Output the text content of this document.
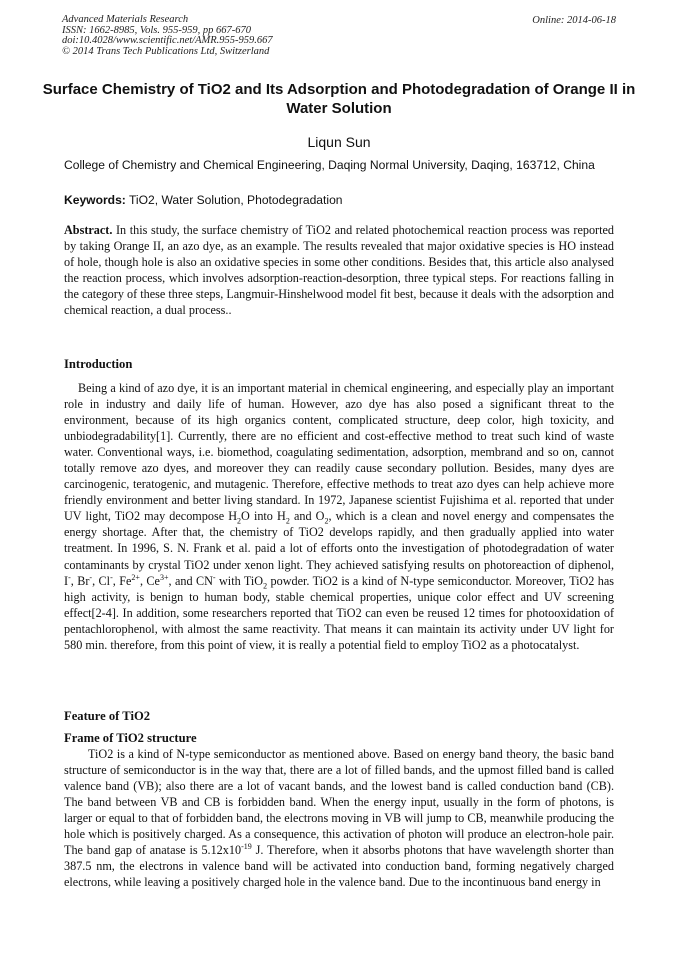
Advanced Materials Research
ISSN: 1662-8985, Vols. 955-959, pp 667-670
doi:10.4028/www.scientific.net/AMR.955-959.667
© 2014 Trans Tech Publications Ltd, Switzerland
Online: 2014-06-18
Surface Chemistry of TiO2 and Its Adsorption and Photodegradation of Orange II in Water Solution
Liqun Sun
College of Chemistry and Chemical Engineering, Daqing Normal University, Daqing, 163712, China
Keywords: TiO2, Water Solution, Photodegradation
Abstract. In this study, the surface chemistry of TiO2 and related photochemical reaction process was reported by taking Orange II, an azo dye, as an example. The results revealed that major oxidative species is HO instead of hole, though hole is also an oxidative species in some other conditions. Besides that, this article also analysed the reaction process, which involves adsorption-reaction-desorption, three typical steps. For reactions falling in the category of these three steps, Langmuir-Hinshelwood model fit best, because it deals with the adsorption and chemical reaction, a dual process..
Introduction
Being a kind of azo dye, it is an important material in chemical engineering, and especially play an important role in industry and daily life of human. However, azo dye has also posed a significant threat to the environment, because of its high organics content, complicated structure, deep color, high toxicity, and unbiodegradability[1]. Currently, there are no efficient and cost-effective method to treat such kind of waste water. Conventional ways, i.e. biomethod, coagulating sedimentation, adsorption, membrand and so on, cannot totally remove azo dyes, and moreover they can readily cause secondary pollution. Besides, many dyes are carcinogenic, teratogenic, and mutagenic. Therefore, effective methods to treat azo dyes can help achieve more friendly environment and better living standard. In 1972, Japanese scientist Fujishima et al. reported that under UV light, TiO2 may decompose $H_2O$ into $H_2$ and $O_2$, which is a clean and novel energy and compensates the energy shortage. After that, the chemistry of TiO2 develops rapidly, and then gradually applied into water treatment. In 1996, S. N. Frank et al. paid a lot of efforts onto the investigation of photodegradation of water contaminants by crystal TiO2 under xenon light. They achieved satisfying results on photoreaction of diphenol, I-, Br-, Cl-, $Fe^{2+}$, $Ce^{3+}$, and CN- with TiO$_2$ powder. TiO2 is a kind of N-type semiconductor. Moreover, TiO2 has high activity, is benign to human body, stable chemical properties, unique color effect and UV screening effect[2-4]. In addition, some researchers reported that TiO2 can even be reused 12 times for photooxidation of pentachlorophenol, with almost the same reactivity. That means it can maintain its activity under UV light for 580 min. therefore, from this point of view, it is really a potential field to employ TiO2 as a photocatalyst.
Feature of TiO2
Frame of TiO2 structure
TiO2 is a kind of N-type semiconductor as mentioned above. Based on energy band theory, the basic band structure of semiconductor is in the way that, there are a lot of filled bands, and the upmost filled band is called valence band (VB); also there are a lot of vacant bands, and the lowest band is called conduction band (CB). The band between VB and CB is forbidden band. When the energy input, usually in the form of photons, is larger or equal to that of forbidden band, the electrons moving in VB will jump to CB, meanwhile producing the hole which is positively charged. As a consequence, this activation of photon will produce an electron-hole pair. The band gap of anatase is $5.12x10^{-19}$ J. Therefore, when it absorbs photons that have wavelength shorter than 387.5 nm, the electrons in valence band will be activated into conduction band, forming negatively charged electrons, while leaving a positively charged hole in the valence band. Due to the incontinuous band energy in
